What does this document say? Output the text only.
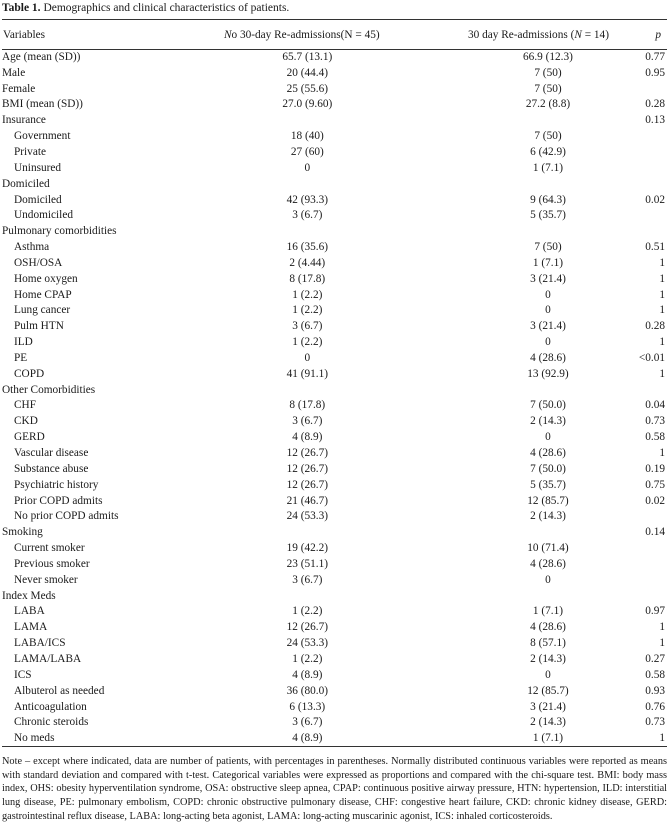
Table 1. Demographics and clinical characteristics of patients.
Variables	No 30-day Re-admissions(N = 45)	30 day Re-admissions (N = 14)	p
Age (mean (SD))	65.7 (13.1)	66.9 (12.3)	0.77
Male	20 (44.4)	7 (50)	0.95
Female	25 (55.6)	7 (50)	
BMI (mean (SD))	27.0 (9.60)	27.2 (8.8)	0.28
Insurance			0.13
Government	18 (40)	7 (50)	
Private	27 (60)	6 (42.9)	
Uninsured	0	1 (7.1)	
Domiciled			
Domiciled	42 (93.3)	9 (64.3)	0.02
Undomiciled	3 (6.7)	5 (35.7)	
Pulmonary comorbidities			
Asthma	16 (35.6)	7 (50)	0.51
OSH/OSA	2 (4.44)	1 (7.1)	1
Home oxygen	8 (17.8)	3 (21.4)	1
Home CPAP	1 (2.2)	0	1
Lung cancer	1 (2.2)	0	1
Pulm HTN	3 (6.7)	3 (21.4)	0.28
ILD	1 (2.2)	0	1
PE	0	4 (28.6)	<0.01
COPD	41 (91.1)	13 (92.9)	1
Other Comorbidities			
CHF	8 (17.8)	7 (50.0)	0.04
CKD	3 (6.7)	2 (14.3)	0.73
GERD	4 (8.9)	0	0.58
Vascular disease	12 (26.7)	4 (28.6)	1
Substance abuse	12 (26.7)	7 (50.0)	0.19
Psychiatric history	12 (26.7)	5 (35.7)	0.75
Prior COPD admits	21 (46.7)	12 (85.7)	0.02
No prior COPD admits	24 (53.3)	2 (14.3)	
Smoking			0.14
Current smoker	19 (42.2)	10 (71.4)	
Previous smoker	23 (51.1)	4 (28.6)	
Never smoker	3 (6.7)	0	
Index Meds			
LABA	1 (2.2)	1 (7.1)	0.97
LAMA	12 (26.7)	4 (28.6)	1
LABA/ICS	24 (53.3)	8 (57.1)	1
LAMA/LABA	1 (2.2)	2 (14.3)	0.27
ICS	4 (8.9)	0	0.58
Albuterol as needed	36 (80.0)	12 (85.7)	0.93
Anticoagulation	6 (13.3)	3 (21.4)	0.76
Chronic steroids	3 (6.7)	2 (14.3)	0.73
No meds	4 (8.9)	1 (7.1)	1
Note – except where indicated, data are number of patients, with percentages in parentheses. Normally distributed continuous variables were reported as means with standard deviation and compared with t-test. Categorical variables were expressed as proportions and compared with the chi-square test. BMI: body mass index, OHS: obesity hyperventilation syndrome, OSA: obstructive sleep apnea, CPAP: continuous positive airway pressure, HTN: hypertension, ILD: interstitial lung disease, PE: pulmonary embolism, COPD: chronic obstructive pulmonary disease, CHF: congestive heart failure, CKD: chronic kidney disease, GERD: gastrointestinal reflux disease, LABA: long-acting beta agonist, LAMA: long-acting muscarinic agonist, ICS: inhaled corticosteroids.
